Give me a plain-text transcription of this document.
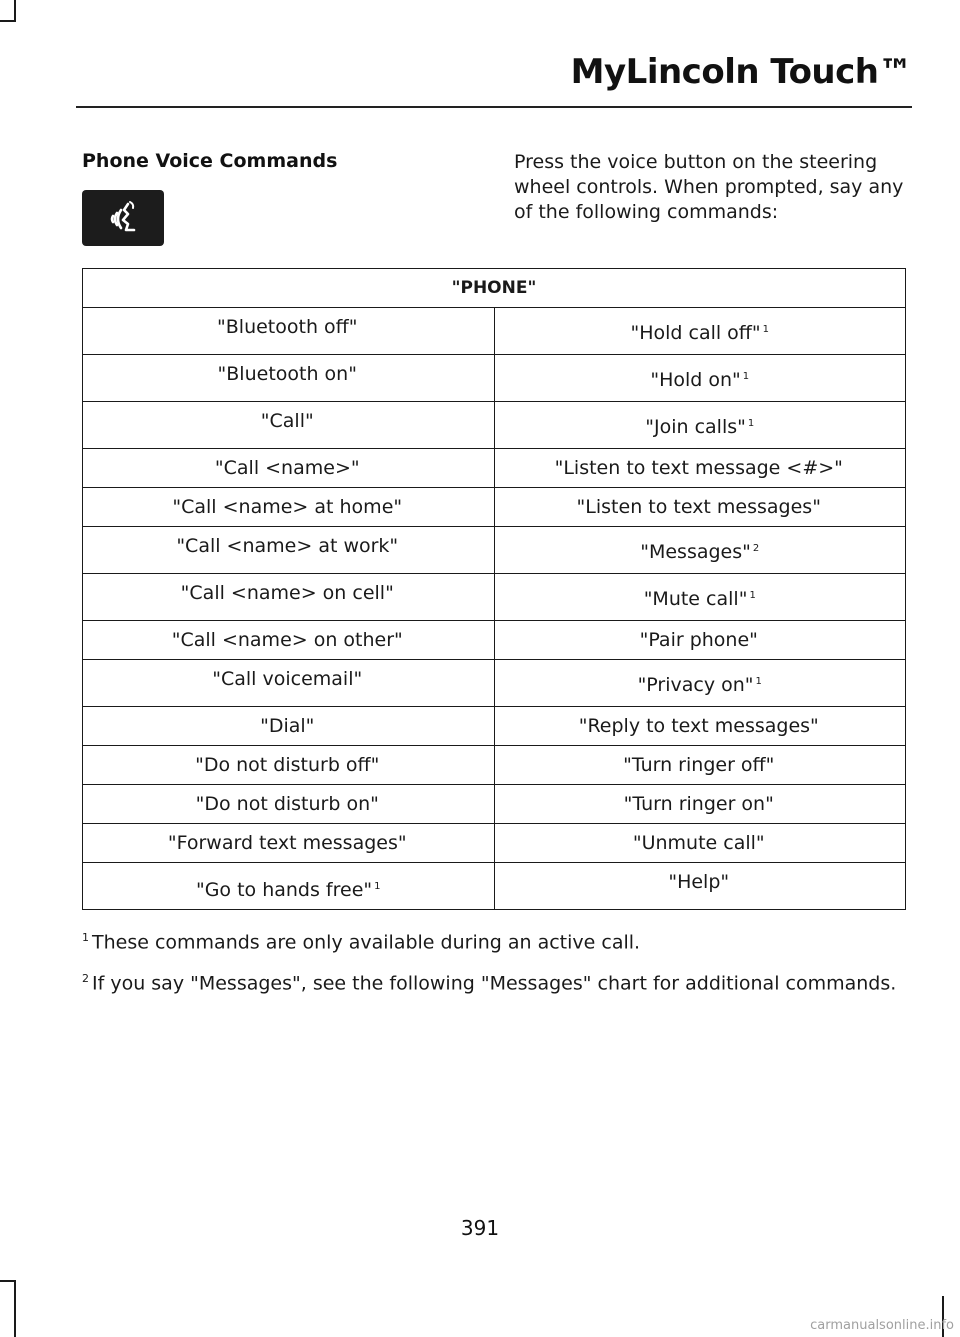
MyLincoln Touch™
Phone Voice Commands	Press the voice button on the steering wheel controls. When prompted, say any of the following commands:

"PHONE"	
"Bluetooth off"	"Hold call off" $^1$
"Bluetooth on"	"Hold on" $^1$
"Call"	"Join calls" $^1$
"Call <name>"	"Listen to text message <#>"
"Call <name> at home"	"Listen to text messages"
"Call <name> at work"	"Messages" $^2$
"Call <name> on cell"	"Mute call" $^1$
"Call <name> on other"	"Pair phone"
"Call voicemail"	"Privacy on" $^1$
"Dial"	"Reply to text messages"
"Do not disturb off"	"Turn ringer off"
"Do not disturb on"	"Turn ringer on"
"Forward text messages"	"Unmute call"
"Go to hands free" $^1$	"Help"

$^1$ These commands are only available during an active call.

$^2$ If you say "Messages", see the following "Messages" chart for additional commands.

391
carmanualsonline.info
